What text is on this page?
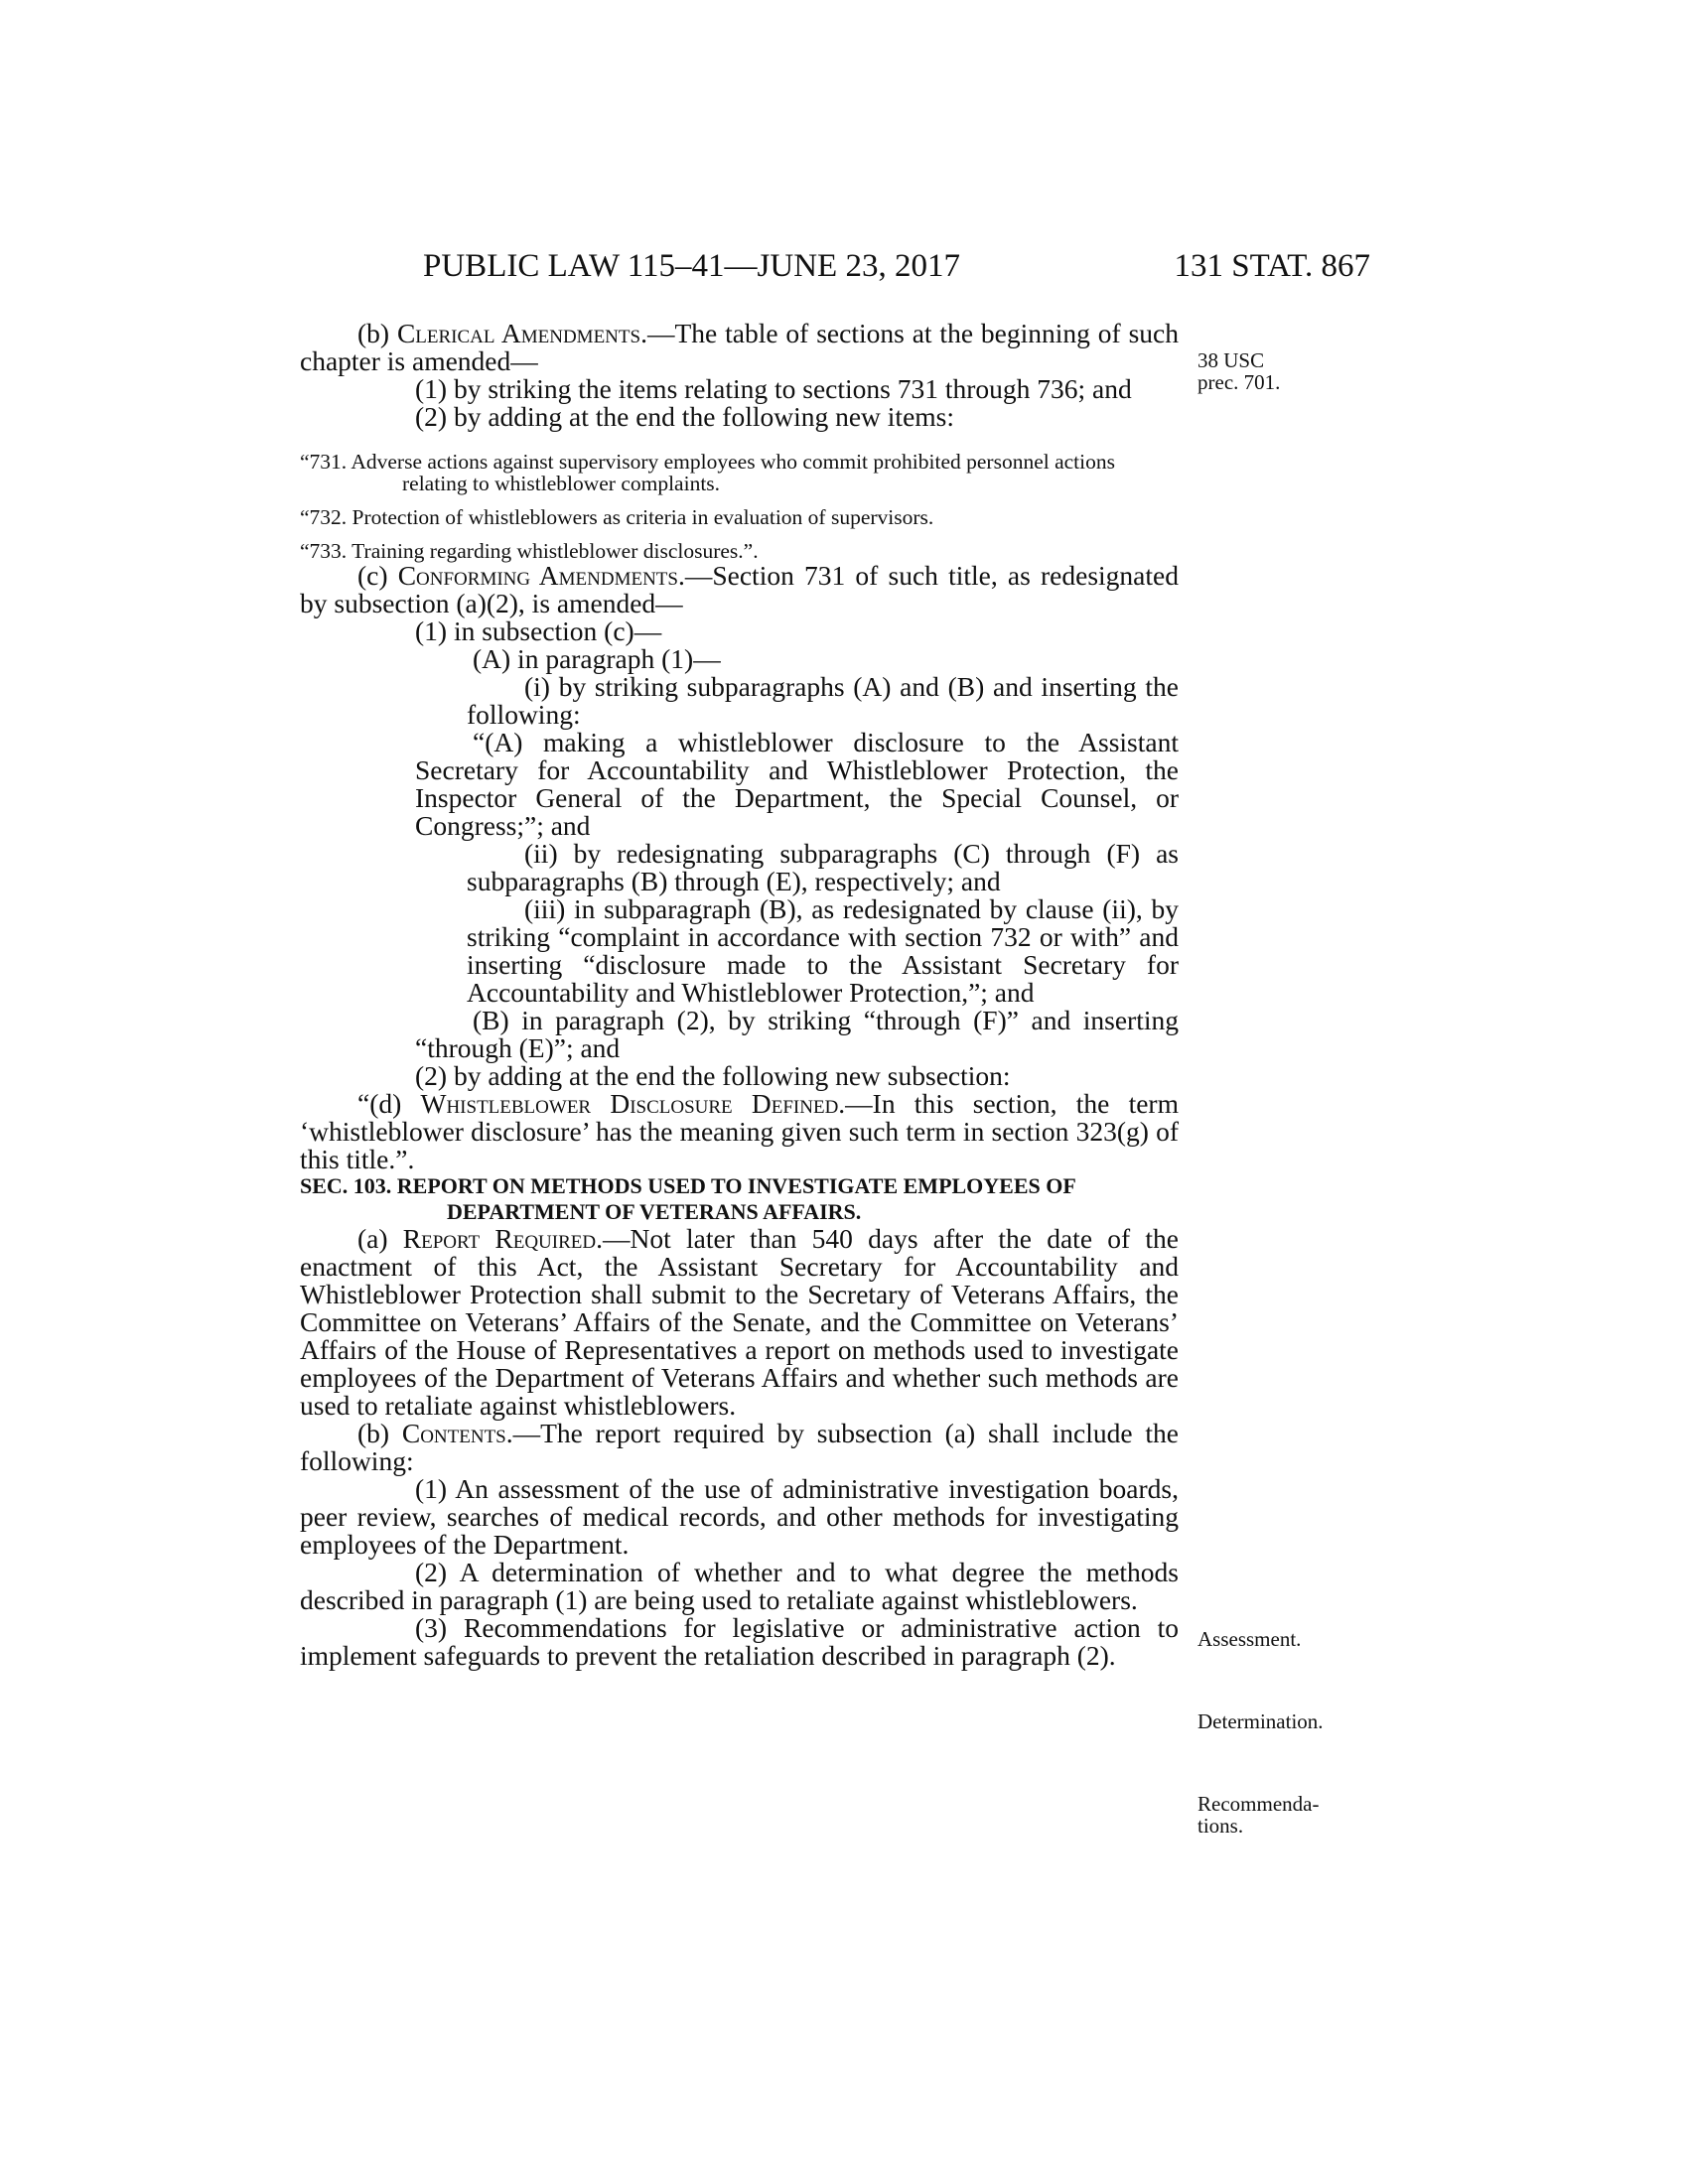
PUBLIC LAW 115–41—JUNE 23, 2017	131 STAT. 867
38 USC
prec. 701.
Assessment.
Determination.
Recommenda-
tions.

(b) Clerical Amendments.—The table of sections at the beginning of such chapter is amended—

(1) by striking the items relating to sections 731 through 736; and

(2) by adding at the end the following new items:

“731. Adverse actions against supervisory employees who commit prohibited personnel actions relating to whistleblower complaints.

“732. Protection of whistleblowers as criteria in evaluation of supervisors.

“733. Training regarding whistleblower disclosures.”.

(c) Conforming Amendments.—Section 731 of such title, as redesignated by subsection (a)(2), is amended—

(1) in subsection (c)—

(A) in paragraph (1)—

(i) by striking subparagraphs (A) and (B) and inserting the following:

“(A) making a whistleblower disclosure to the Assistant Secretary for Accountability and Whistleblower Protection, the Inspector General of the Department, the Special Counsel, or Congress;”; and

(ii) by redesignating subparagraphs (C) through (F) as subparagraphs (B) through (E), respectively; and

(iii) in subparagraph (B), as redesignated by clause (ii), by striking “complaint in accordance with section 732 or with” and inserting “disclosure made to the Assistant Secretary for Accountability and Whistleblower Protection,”; and

(B) in paragraph (2), by striking “through (F)” and inserting “through (E)”; and

(2) by adding at the end the following new subsection:

“(d) Whistleblower Disclosure Defined.—In this section, the term ‘whistleblower disclosure’ has the meaning given such term in section 323(g) of this title.”.

SEC. 103. REPORT ON METHODS USED TO INVESTIGATE EMPLOYEES OF DEPARTMENT OF VETERANS AFFAIRS.

(a) Report Required.—Not later than 540 days after the date of the enactment of this Act, the Assistant Secretary for Accountability and Whistleblower Protection shall submit to the Secretary of Veterans Affairs, the Committee on Veterans’ Affairs of the Senate, and the Committee on Veterans’ Affairs of the House of Representatives a report on methods used to investigate employees of the Department of Veterans Affairs and whether such methods are used to retaliate against whistleblowers.

(b) Contents.—The report required by subsection (a) shall include the following:

(1) An assessment of the use of administrative investigation boards, peer review, searches of medical records, and other methods for investigating employees of the Department.

(2) A determination of whether and to what degree the methods described in paragraph (1) are being used to retaliate against whistleblowers.

(3) Recommendations for legislative or administrative action to implement safeguards to prevent the retaliation described in paragraph (2).
